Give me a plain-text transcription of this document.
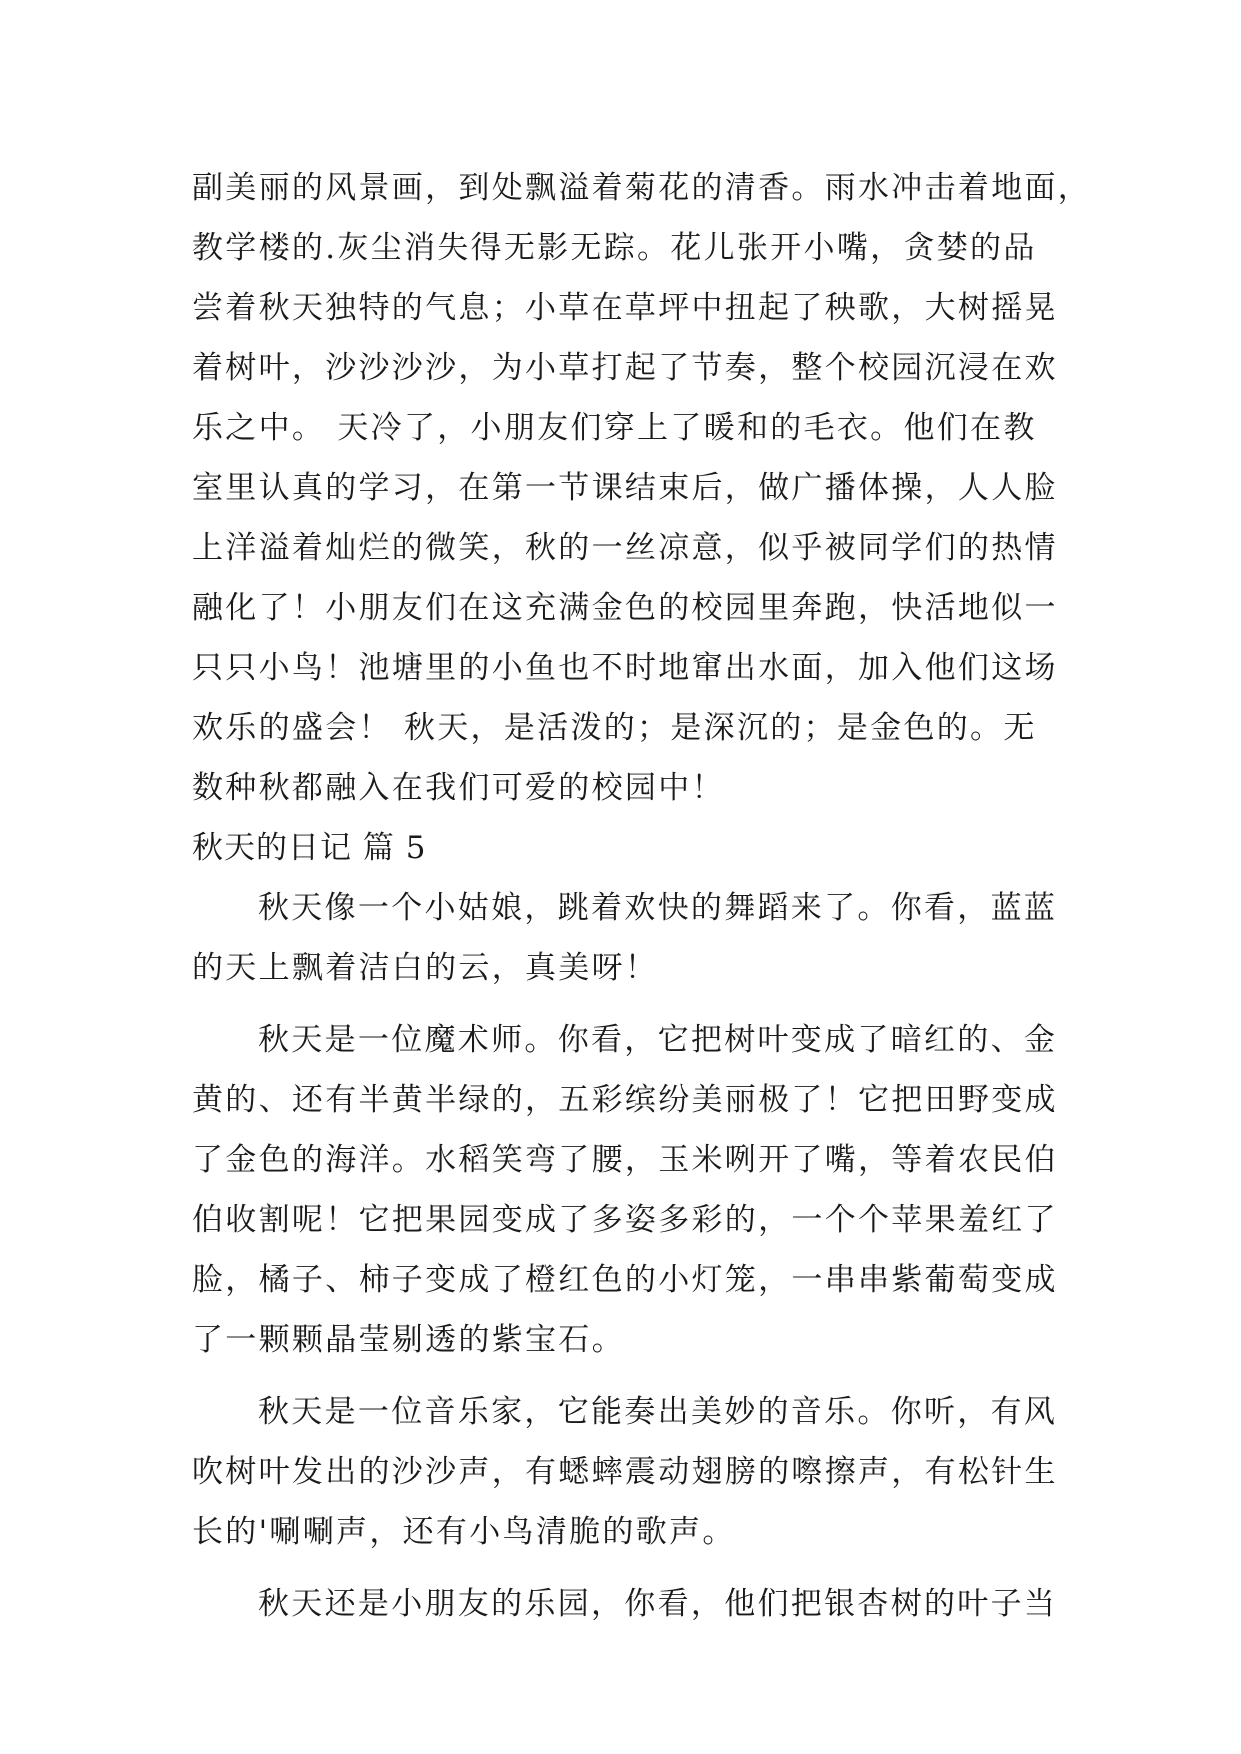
副美丽的风景画，到处飘溢着菊花的清香。雨水冲击着地面，
教学楼的.灰尘消失得无影无踪。花儿张开小嘴，贪婪的品
尝着秋天独特的气息；小草在草坪中扭起了秧歌，大树摇晃
着树叶，沙沙沙沙，为小草打起了节奏，整个校园沉浸在欢
乐之中。 天冷了，小朋友们穿上了暖和的毛衣。他们在教
室里认真的学习，在第一节课结束后，做广播体操，人人脸
上洋溢着灿烂的微笑，秋的一丝凉意，似乎被同学们的热情
融化了！小朋友们在这充满金色的校园里奔跑，快活地似一
只只小鸟！池塘里的小鱼也不时地窜出水面，加入他们这场
欢乐的盛会！ 秋天，是活泼的；是深沉的；是金色的。无
数种秋都融入在我们可爱的校园中！
秋天的日记 篇 5
秋天像一个小姑娘，跳着欢快的舞蹈来了。你看，蓝蓝
的天上飘着洁白的云，真美呀！
秋天是一位魔术师。你看，它把树叶变成了暗红的、金
黄的、还有半黄半绿的，五彩缤纷美丽极了！它把田野变成
了金色的海洋。水稻笑弯了腰，玉米咧开了嘴，等着农民伯
伯收割呢！它把果园变成了多姿多彩的，一个个苹果羞红了
脸，橘子、柿子变成了橙红色的小灯笼，一串串紫葡萄变成
了一颗颗晶莹剔透的紫宝石。
秋天是一位音乐家，它能奏出美妙的音乐。你听，有风
吹树叶发出的沙沙声，有蟋蟀震动翅膀的嚓擦声，有松针生
长的'唰唰声，还有小鸟清脆的歌声。
秋天还是小朋友的乐园，你看，他们把银杏树的叶子当
